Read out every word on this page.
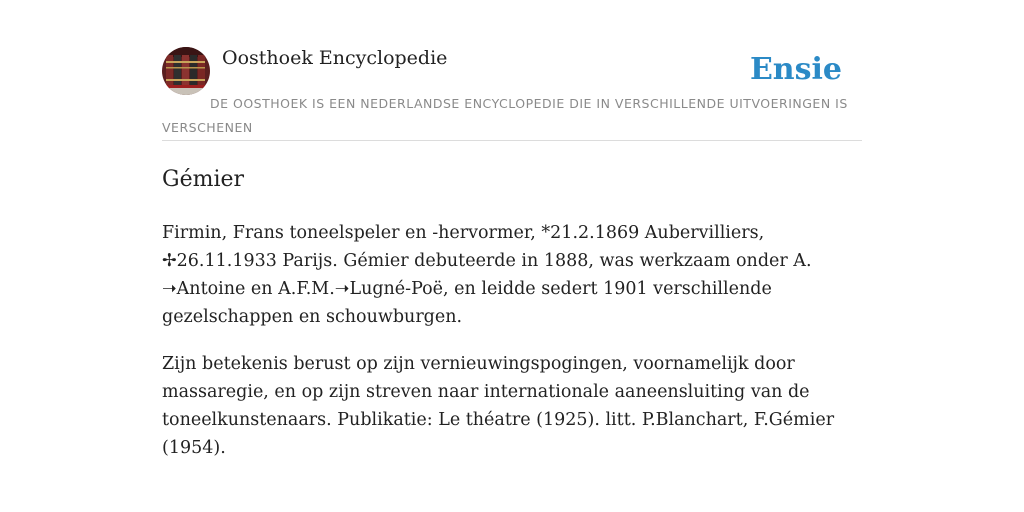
Oosthoek Encyclopedie	Ensie
DE OOSTHOEK IS EEN NEDERLANDSE ENCYCLOPEDIE DIE IN VERSCHILLENDE UITVOERINGEN IS VERSCHENEN
Gémier

Firmin, Frans toneelspeler en -hervormer, *21.2.1869 Aubervilliers, ✢26.11.1933 Parijs. Gémier debuteerde in 1888, was werkzaam onder A. ➝Antoine en A.F.M.➝Lugné-Poë, en leidde sedert 1901 verschillende gezelschappen en schouwburgen.

Zijn betekenis berust op zijn vernieuwingspogingen, voornamelijk door massaregie, en op zijn streven naar internationale aaneensluiting van de toneelkunstenaars. Publikatie: Le théatre (1925). litt. P.Blanchart, F.Gémier (1954).
